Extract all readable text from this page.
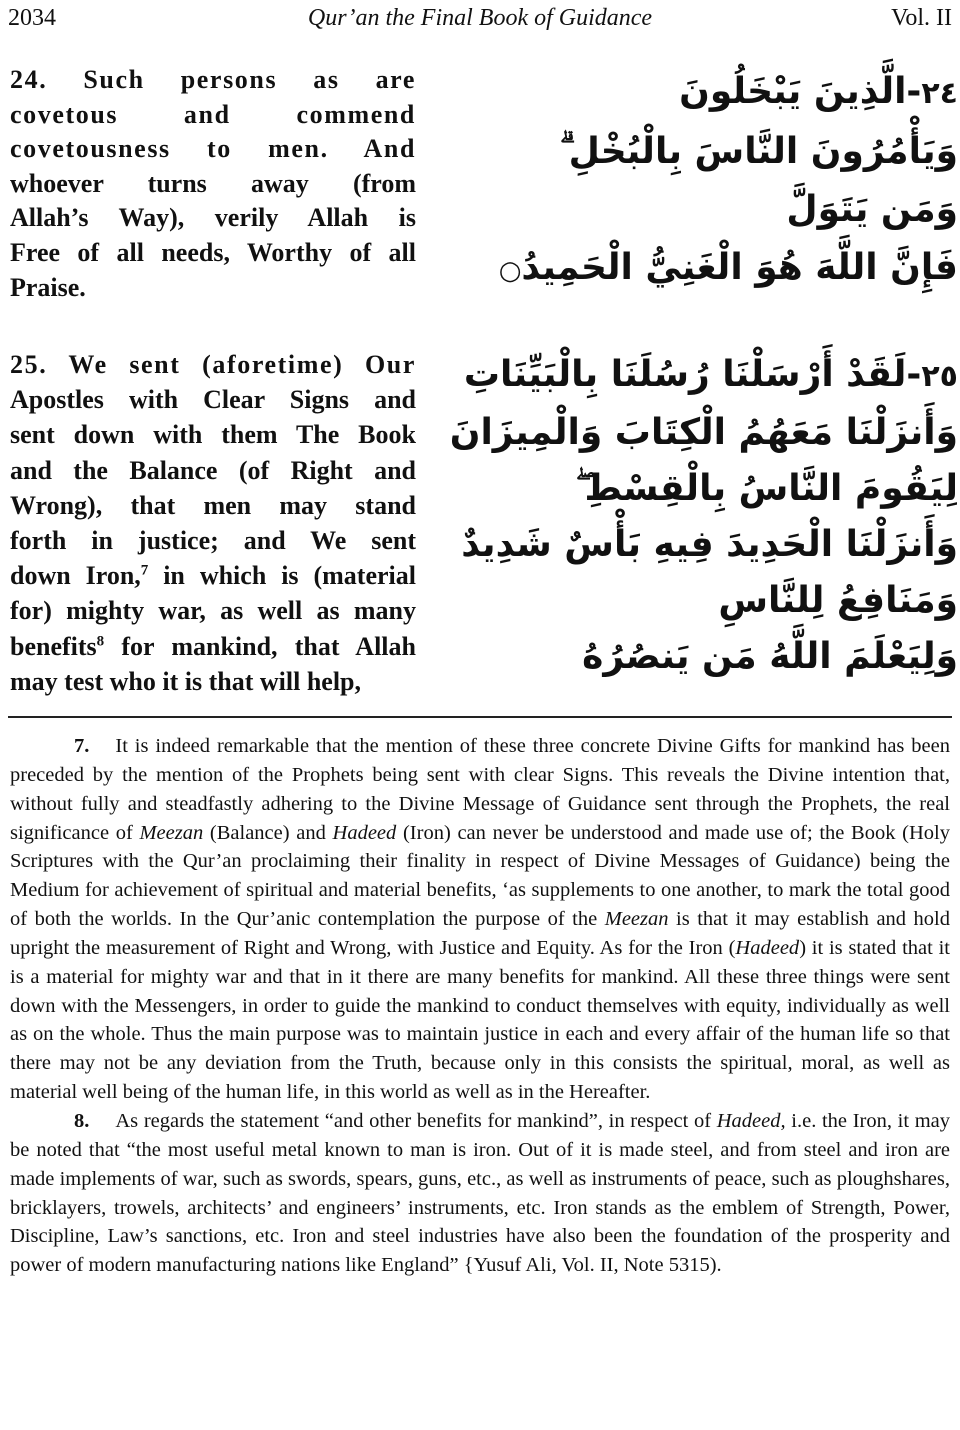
2034	Qur’an the Final Book of Guidance	Vol. II
24. Such persons as are
covetous and commend
covetousness to men. And
whoever turns away (from
Allah’s Way), verily Allah is
Free of all needs, Worthy of all
Praise.
٢٤-الَّذِينَ يَبْخَلُونَ
وَيَأْمُرُونَ النَّاسَ بِالْبُخْلِ ۗ
وَمَن يَتَوَلَّ
فَإِنَّ اللَّهَ هُوَ الْغَنِيُّ الْحَمِيدُ○
25. We sent (aforetime) Our
Apostles with Clear Signs and
sent down with them The Book
and the Balance (of Right and
Wrong), that men may stand
forth in justice; and We sent
down Iron,$^7$ in which is (material
for) mighty war, as well as many
benefits$^8$ for mankind, that Allah
may test who it is that will help,
٢٥-لَقَدْ أَرْسَلْنَا رُسُلَنَا بِالْبَيِّنَاتِ
وَأَنزَلْنَا مَعَهُمُ الْكِتَابَ وَالْمِيزَانَ
لِيَقُومَ النَّاسُ بِالْقِسْطِ ۖ
وَأَنزَلْنَا الْحَدِيدَ فِيهِ بَأْسٌ شَدِيدٌ
وَمَنَافِعُ لِلنَّاسِ
وَلِيَعْلَمَ اللَّهُ مَن يَنصُرُهُ

7. It is indeed remarkable that the mention of these three concrete Divine Gifts for mankind has been preceded by the mention of the Prophets being sent with clear Signs. This reveals the Divine intention that, without fully and steadfastly adhering to the Divine Message of Guidance sent through the Prophets, the real significance of Meezan (Balance) and Hadeed (Iron) can never be understood and made use of; the Book (Holy Scriptures with the Qur’an proclaiming their finality in respect of Divine Messages of Guidance) being the Medium for achievement of spiritual and material benefits, ‘as supplements to one another, to mark the total good of both the worlds. In the Qur’anic contemplation the purpose of the Meezan is that it may establish and hold upright the measurement of Right and Wrong, with Justice and Equity. As for the Iron (Hadeed) it is stated that it is a material for mighty war and that in it there are many benefits for mankind. All these three things were sent down with the Messengers, in order to guide the mankind to conduct themselves with equity, individually as well as on the whole. Thus the main purpose was to maintain justice in each and every affair of the human life so that there may not be any deviation from the Truth, because only in this consists the spiritual, moral, as well as material well being of the human life, in this world as well as in the Hereafter.

8. As regards the statement “and other benefits for mankind”, in respect of Hadeed, i.e. the Iron, it may be noted that “the most useful metal known to man is iron. Out of it is made steel, and from steel and iron are made implements of war, such as swords, spears, guns, etc., as well as instruments of peace, such as ploughshares, bricklayers, trowels, architects’ and engineers’ instruments, etc. Iron stands as the emblem of Strength, Power, Discipline, Law’s sanctions, etc. Iron and steel industries have also been the foundation of the prosperity and power of modern manufacturing nations like England” {Yusuf Ali, Vol. II, Note 5315).
